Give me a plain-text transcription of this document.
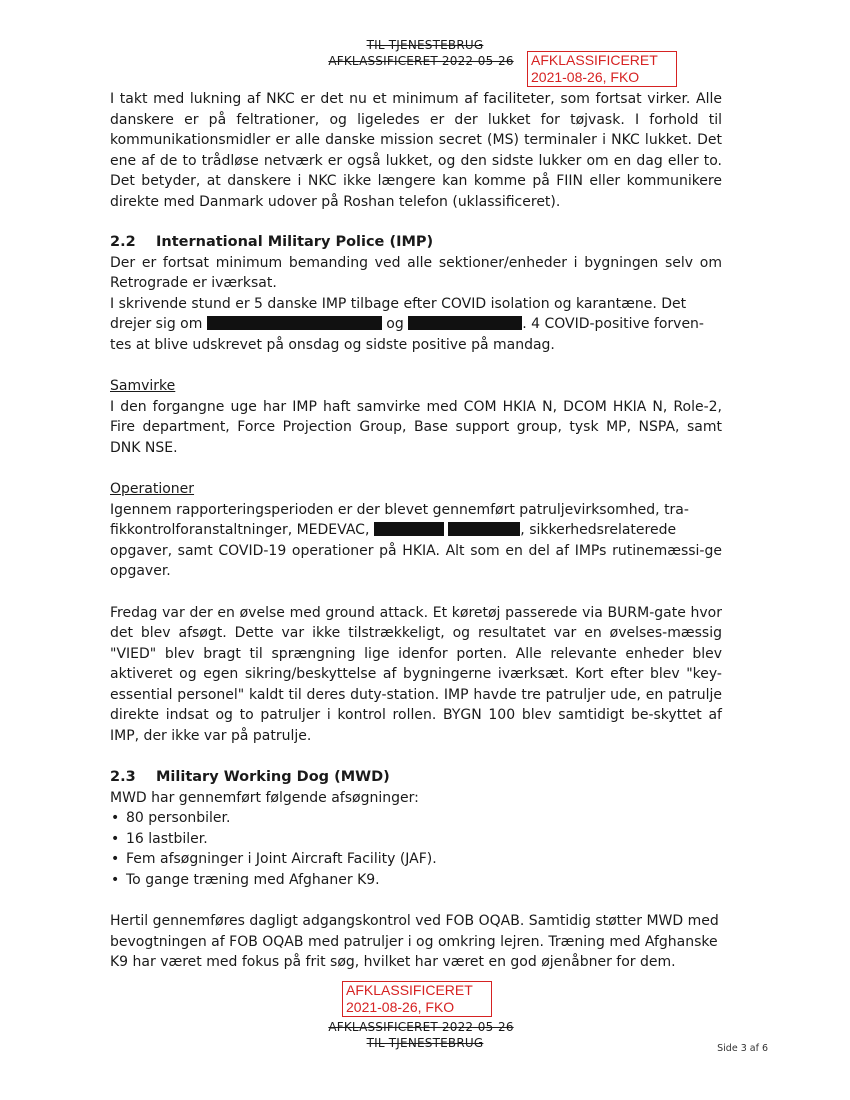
TIL TJENESTEBRUG
AFKLASSIFICERET 2022-05-26	AFKLASSIFICERET
2021-08-26, FKO

I takt med lukning af NKC er det nu et minimum af faciliteter, som fortsat virker. Alle danskere er på feltrationer, og ligeledes er der lukket for tøjvask. I forhold til kommunikationsmidler er alle danske mission secret (MS) terminaler i NKC lukket. Det ene af de to trådløse netværk er også lukket, og den sidste lukker om en dag eller to. Det betyder, at danskere i NKC ikke længere kan komme på FIIN eller kommunikere direkte med Danmark udover på Roshan telefon (uklassificeret).

2.2 International Military Police (IMP)

Der er fortsat minimum bemanding ved alle sektioner/enheder i bygningen selv om Retrograde er iværksat.

I skrivende stund er 5 danske IMP tilbage efter COVID isolation og karantæne. Det

drejer sig om	og	. 4 COVID-positive forven-

tes at blive udskrevet på onsdag og sidste positive på mandag.

Samvirke

I den forgangne uge har IMP haft samvirke med COM HKIA N, DCOM HKIA N, Role-2, Fire department, Force Projection Group, Base support group, tysk MP, NSPA, samt DNK NSE.

Operationer

Igennem rapporteringsperioden er der blevet gennemført patruljevirksomhed, tra-

fikkontrolforanstaltninger, MEDEVAC,	, sikkerhedsrelaterede

opgaver, samt COVID-19 operationer på HKIA. Alt som en del af IMPs rutinemæssi-ge opgaver.

Fredag var der en øvelse med ground attack. Et køretøj passerede via BURM-gate hvor det blev afsøgt. Dette var ikke tilstrækkeligt, og resultatet var en øvelses-mæssig "VIED" blev bragt til sprængning lige idenfor porten. Alle relevante enheder blev aktiveret og egen sikring/beskyttelse af bygningerne iværksæt. Kort efter blev "key-essential personel" kaldt til deres duty-station. IMP havde tre patruljer ude, en patrulje direkte indsat og to patruljer i kontrol rollen. BYGN 100 blev samtidigt be-skyttet af IMP, der ikke var på patrulje.

2.3 Military Working Dog (MWD)

MWD har gennemført følgende afsøgninger:

• 80 personbiler.
• 16 lastbiler.
• Fem afsøgninger i Joint Aircraft Facility (JAF).
• To gange træning med Afghaner K9.

Hertil gennemføres dagligt adgangskontrol ved FOB OQAB. Samtidig støtter MWD med bevogtningen af FOB OQAB med patruljer i og omkring lejren. Træning med Afghanske K9 har været med fokus på frit søg, hvilket har været en god øjenåbner for dem.

AFKLASSIFICERET
2021-08-26, FKO
AFKLASSIFICERET 2022-05-26
TIL TJENESTEBRUG	Side 3 af 6
